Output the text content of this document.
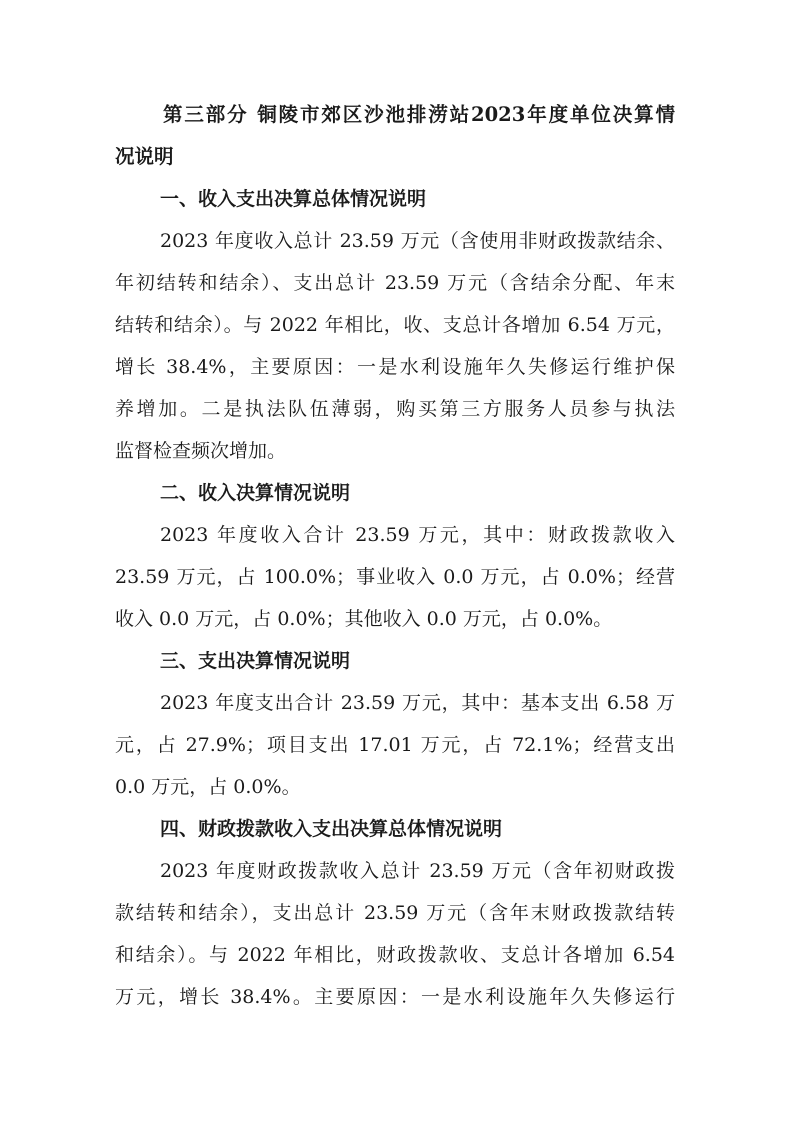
第三部分 铜陵市郊区沙池排涝站2023年度单位决算情
况说明
一、收入支出决算总体情况说明
2023 年度收入总计 23.59 万元（含使用非财政拨款结余、
年初结转和结余）、支出总计 23.59 万元（含结余分配、年末
结转和结余）。与 2022 年相比，收、支总计各增加 6.54 万元，
增长 38.4%，主要原因：一是水利设施年久失修运行维护保
养增加。二是执法队伍薄弱，购买第三方服务人员参与执法
监督检查频次增加。
二、收入决算情况说明
2023 年度收入合计 23.59 万元，其中：财政拨款收入
23.59 万元，占 100.0%；事业收入 0.0 万元，占 0.0%；经营
收入 0.0 万元，占 0.0%；其他收入 0.0 万元，占 0.0%。
三、支出决算情况说明
2023 年度支出合计 23.59 万元，其中：基本支出 6.58 万
元，占 27.9%；项目支出 17.01 万元，占 72.1%；经营支出
0.0 万元，占 0.0%。
四、财政拨款收入支出决算总体情况说明
2023 年度财政拨款收入总计 23.59 万元（含年初财政拨
款结转和结余），支出总计 23.59 万元（含年末财政拨款结转
和结余）。与 2022 年相比，财政拨款收、支总计各增加 6.54
万元，增长 38.4%。主要原因：一是水利设施年久失修运行
